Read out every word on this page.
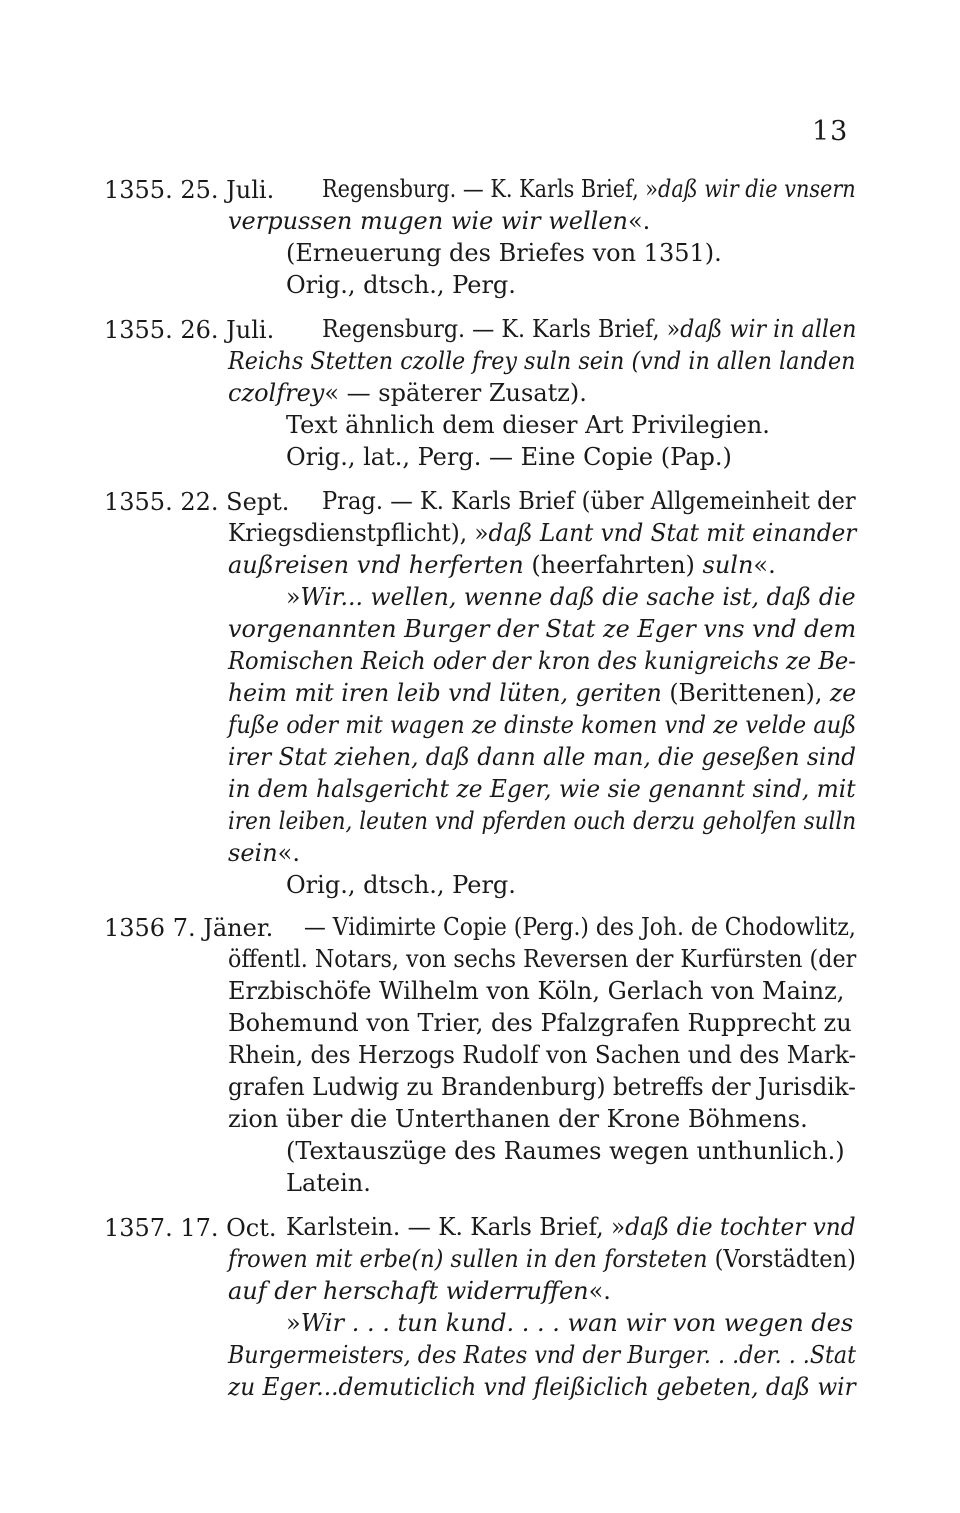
13
1355. 25. Juli. Regensburg. — K. Karls Brief, »daß wir die vnsern
verpussen mugen wie wir wellen«.
(Erneuerung des Briefes von 1351).
Orig., dtsch., Perg.
1355. 26. Juli. Regensburg. — K. Karls Brief, »daß wir in allen
Reichs Stetten czolle frey suln sein (vnd in allen landen
czolfrey« — späterer Zusatz).
Text ähnlich dem dieser Art Privilegien.
Orig., lat., Perg. — Eine Copie (Pap.)
1355. 22. Sept. Prag. — K. Karls Brief (über Allgemeinheit der
Kriegsdienstpflicht), »daß Lant vnd Stat mit einander
außreisen vnd herferten (heerfahrten) suln«.
»Wir... wellen, wenne daß die sache ist, daß die
vorgenannten Burger der Stat ze Eger vns vnd dem
Romischen Reich oder der kron des kunigreichs ze Be-
heim mit iren leib vnd lüten, geriten (Berittenen), ze
fuße oder mit wagen ze dinste komen vnd ze velde auß
irer Stat ziehen, daß dann alle man, die geseßen sind
in dem halsgericht ze Eger, wie sie genannt sind, mit
iren leiben, leuten vnd pferden ouch derzu geholfen sulln
sein«.
Orig., dtsch., Perg.
1356 7. Jäner. — Vidimirte Copie (Perg.) des Joh. de Chodowlitz,
öffentl. Notars, von sechs Reversen der Kurfürsten (der
Erzbischöfe Wilhelm von Köln, Gerlach von Mainz,
Bohemund von Trier, des Pfalzgrafen Rupprecht zu
Rhein, des Herzogs Rudolf von Sachen und des Mark-
grafen Ludwig zu Brandenburg) betreffs der Jurisdik-
zion über die Unterthanen der Krone Böhmens.
(Textauszüge des Raumes wegen unthunlich.)
Latein.
1357. 17. Oct. Karlstein. — K. Karls Brief, »daß die tochter vnd
frowen mit erbe(n) sullen in den forsteten (Vorstädten)
auf der herschaft widerruffen«.
»Wir . . . tun kund. . . . wan wir von wegen des
Burgermeisters, des Rates vnd der Burger. . .der. . .Stat
zu Eger...demuticlich vnd fleißiclich gebeten, daß wir
